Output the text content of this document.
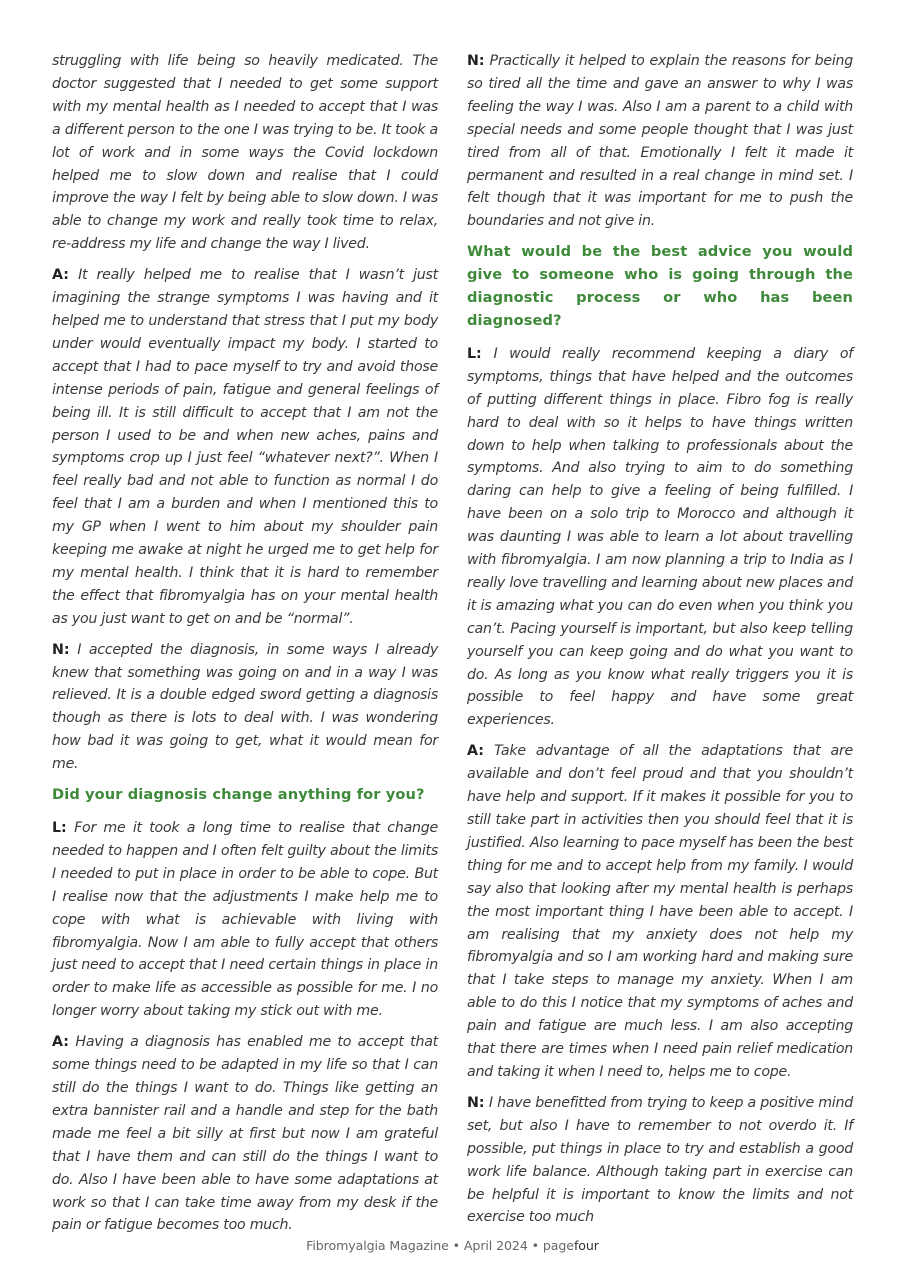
struggling with life being so heavily medicated. The doctor suggested that I needed to get some support with my mental health as I needed to accept that I was a different person to the one I was trying to be. It took a lot of work and in some ways the Covid lockdown helped me to slow down and realise that I could improve the way I felt by being able to slow down. I was able to change my work and really took time to relax, re-address my life and change the way I lived.

A: It really helped me to realise that I wasn’t just imagining the strange symptoms I was having and it helped me to understand that stress that I put my body under would eventually impact my body. I started to accept that I had to pace myself to try and avoid those intense periods of pain, fatigue and general feelings of being ill. It is still difficult to accept that I am not the person I used to be and when new aches, pains and symptoms crop up I just feel “whatever next?”. When I feel really bad and not able to function as normal I do feel that I am a burden and when I mentioned this to my GP when I went to him about my shoulder pain keeping me awake at night he urged me to get help for my mental health. I think that it is hard to remember the effect that fibromyalgia has on your mental health as you just want to get on and be “normal”.

N: I accepted the diagnosis, in some ways I already knew that something was going on and in a way I was relieved. It is a double edged sword getting a diagnosis though as there is lots to deal with. I was wondering how bad it was going to get, what it would mean for me.

Did your diagnosis change anything for you?

L: For me it took a long time to realise that change needed to happen and I often felt guilty about the limits I needed to put in place in order to be able to cope. But I realise now that the adjustments I make help me to cope with what is achievable with living with fibromyalgia. Now I am able to fully accept that others just need to accept that I need certain things in place in order to make life as accessible as possible for me. I no longer worry about taking my stick out with me.

A: Having a diagnosis has enabled me to accept that some things need to be adapted in my life so that I can still do the things I want to do. Things like getting an extra bannister rail and a handle and step for the bath made me feel a bit silly at first but now I am grateful that I have them and can still do the things I want to do. Also I have been able to have some adaptations at work so that I can take time away from my desk if the pain or fatigue becomes too much.

N: Practically it helped to explain the reasons for being so tired all the time and gave an answer to why I was feeling the way I was. Also I am a parent to a child with special needs and some people thought that I was just tired from all of that. Emotionally I felt it made it permanent and resulted in a real change in mind set. I felt though that it was important for me to push the boundaries and not give in.

What would be the best advice you would give to someone who is going through the diagnostic process or who has been diagnosed?

L: I would really recommend keeping a diary of symptoms, things that have helped and the outcomes of putting different things in place. Fibro fog is really hard to deal with so it helps to have things written down to help when talking to professionals about the symptoms. And also trying to aim to do something daring can help to give a feeling of being fulfilled. I have been on a solo trip to Morocco and although it was daunting I was able to learn a lot about travelling with fibromyalgia. I am now planning a trip to India as I really love travelling and learning about new places and it is amazing what you can do even when you think you can’t. Pacing yourself is important, but also keep telling yourself you can keep going and do what you want to do. As long as you know what really triggers you it is possible to feel happy and have some great experiences.

A: Take advantage of all the adaptations that are available and don’t feel proud and that you shouldn’t have help and support. If it makes it possible for you to still take part in activities then you should feel that it is justified. Also learning to pace myself has been the best thing for me and to accept help from my family. I would say also that looking after my mental health is perhaps the most important thing I have been able to accept. I am realising that my anxiety does not help my fibromyalgia and so I am working hard and making sure that I take steps to manage my anxiety. When I am able to do this I notice that my symptoms of aches and pain and fatigue are much less. I am also accepting that there are times when I need pain relief medication and taking it when I need to, helps me to cope.

N: I have benefitted from trying to keep a positive mind set, but also I have to remember to not overdo it. If possible, put things in place to try and establish a good work life balance. Although taking part in exercise can be helpful it is important to know the limits and not exercise too much

Fibromyalgia Magazine • April 2024 • pagefour
